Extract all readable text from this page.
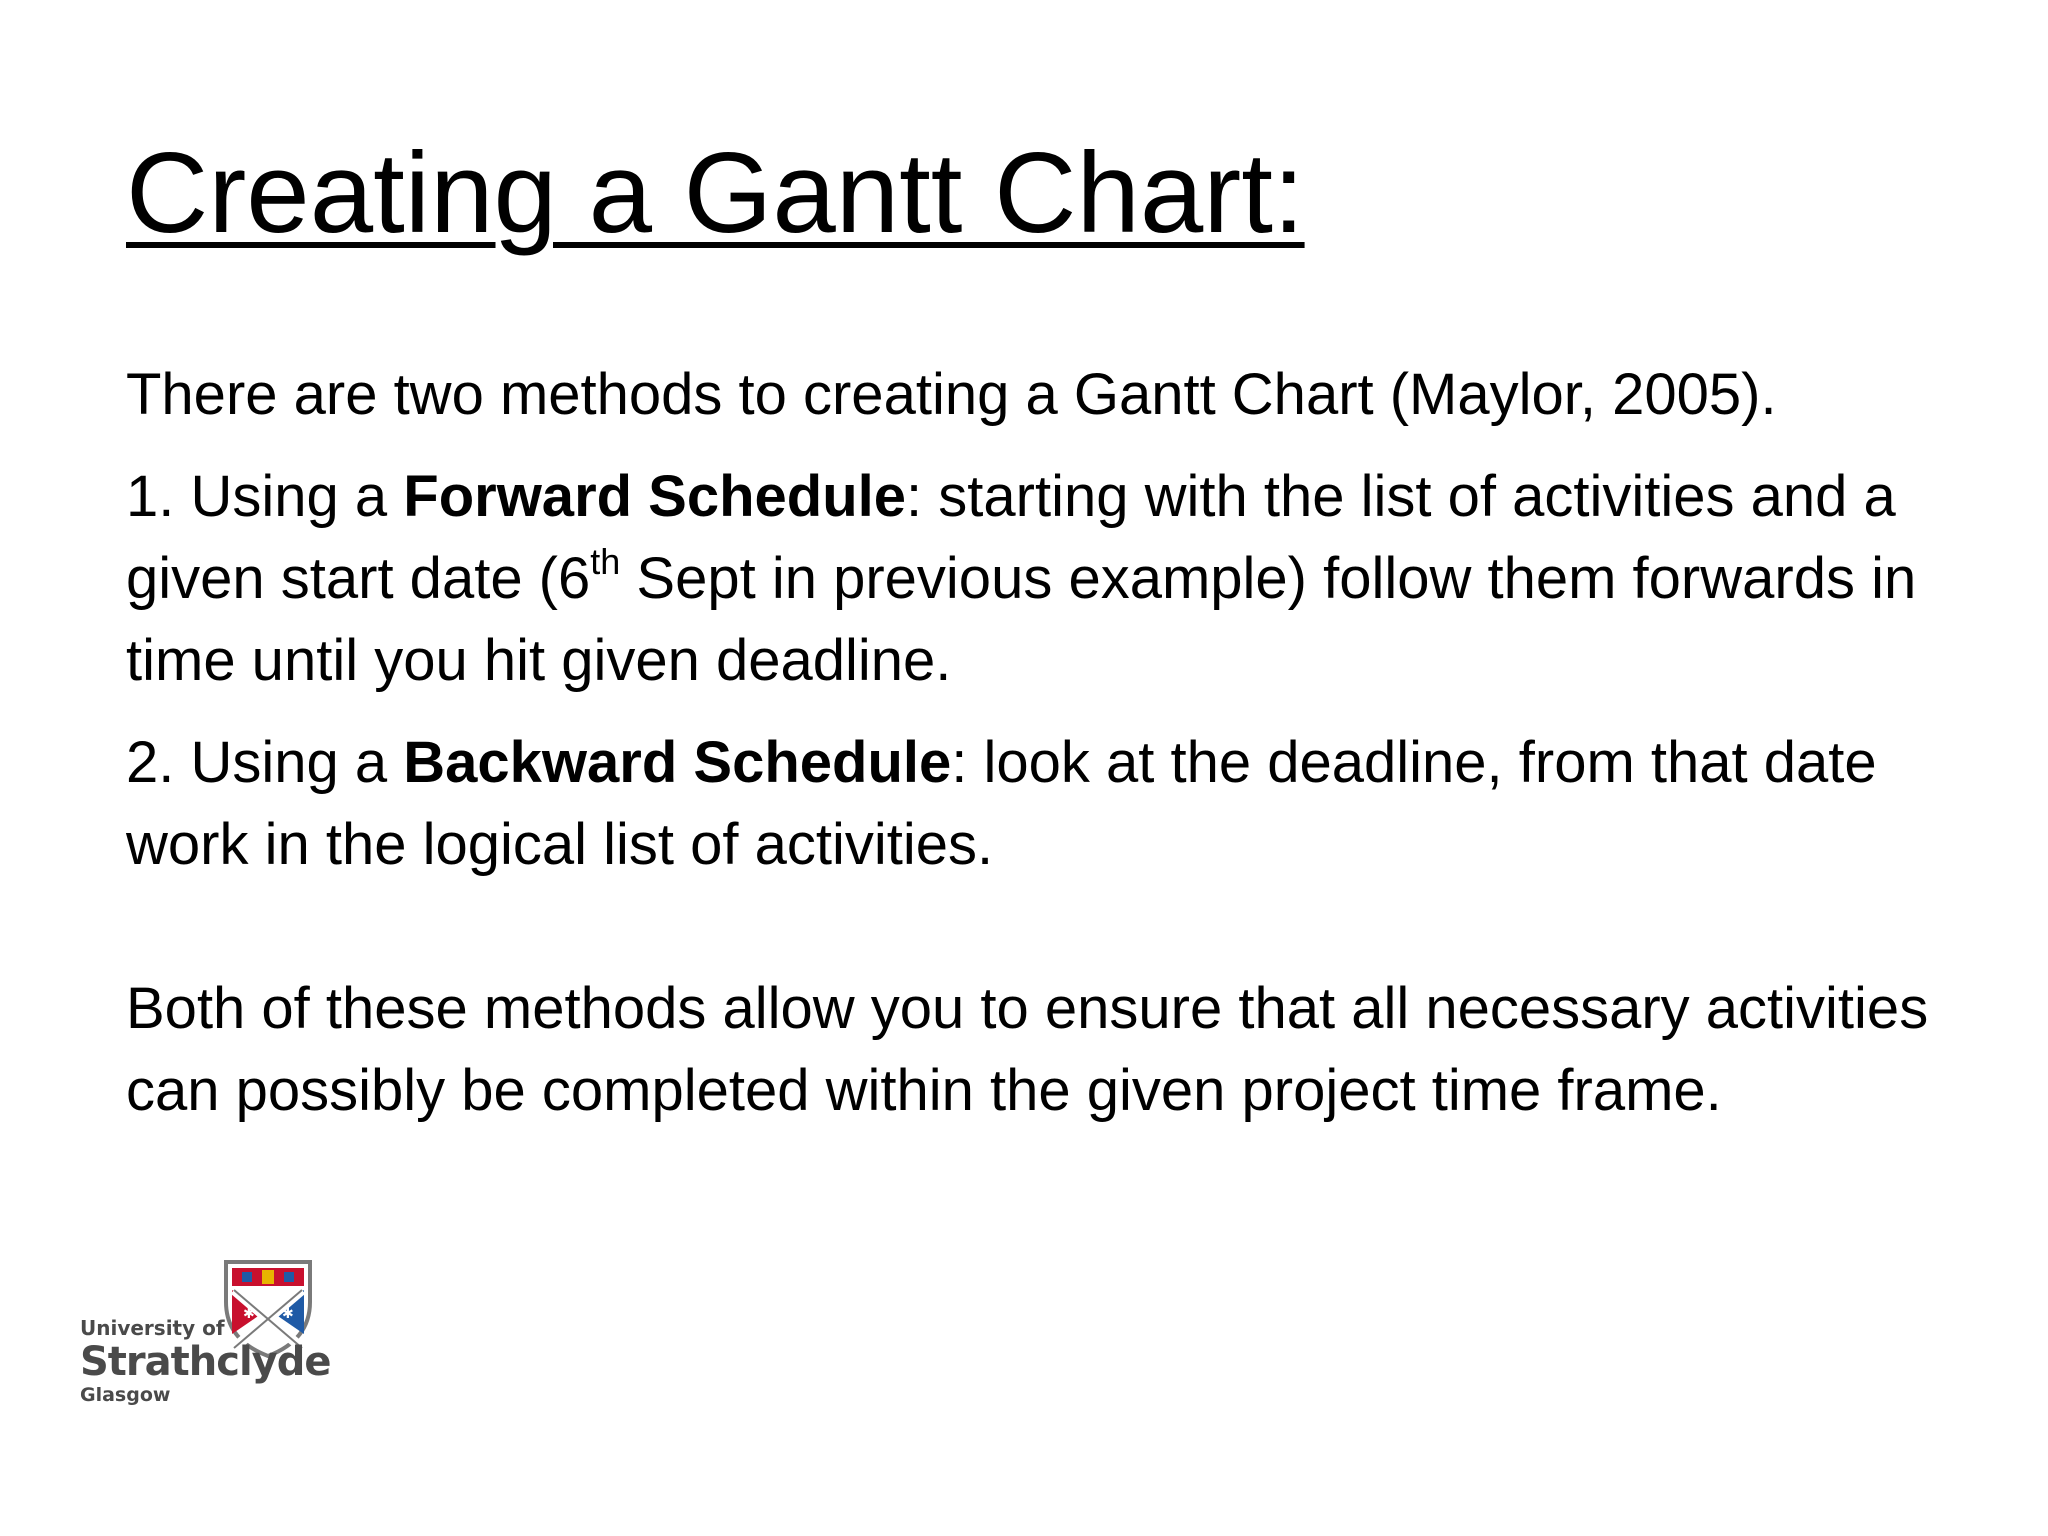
Creating a Gantt Chart:

There are two methods to creating a Gantt Chart (Maylor, 2005).

1. Using a Forward Schedule: starting with the list of activities and a given start date (6th Sept in previous example) follow them forwards in time until you hit given deadline.

2. Using a Backward Schedule: look at the deadline, from that date work in the logical list of activities.

Both of these methods allow you to ensure that all necessary activities can possibly be completed within the given project time frame.

✱ ✱
University of
Strathclyde
Glasgow
